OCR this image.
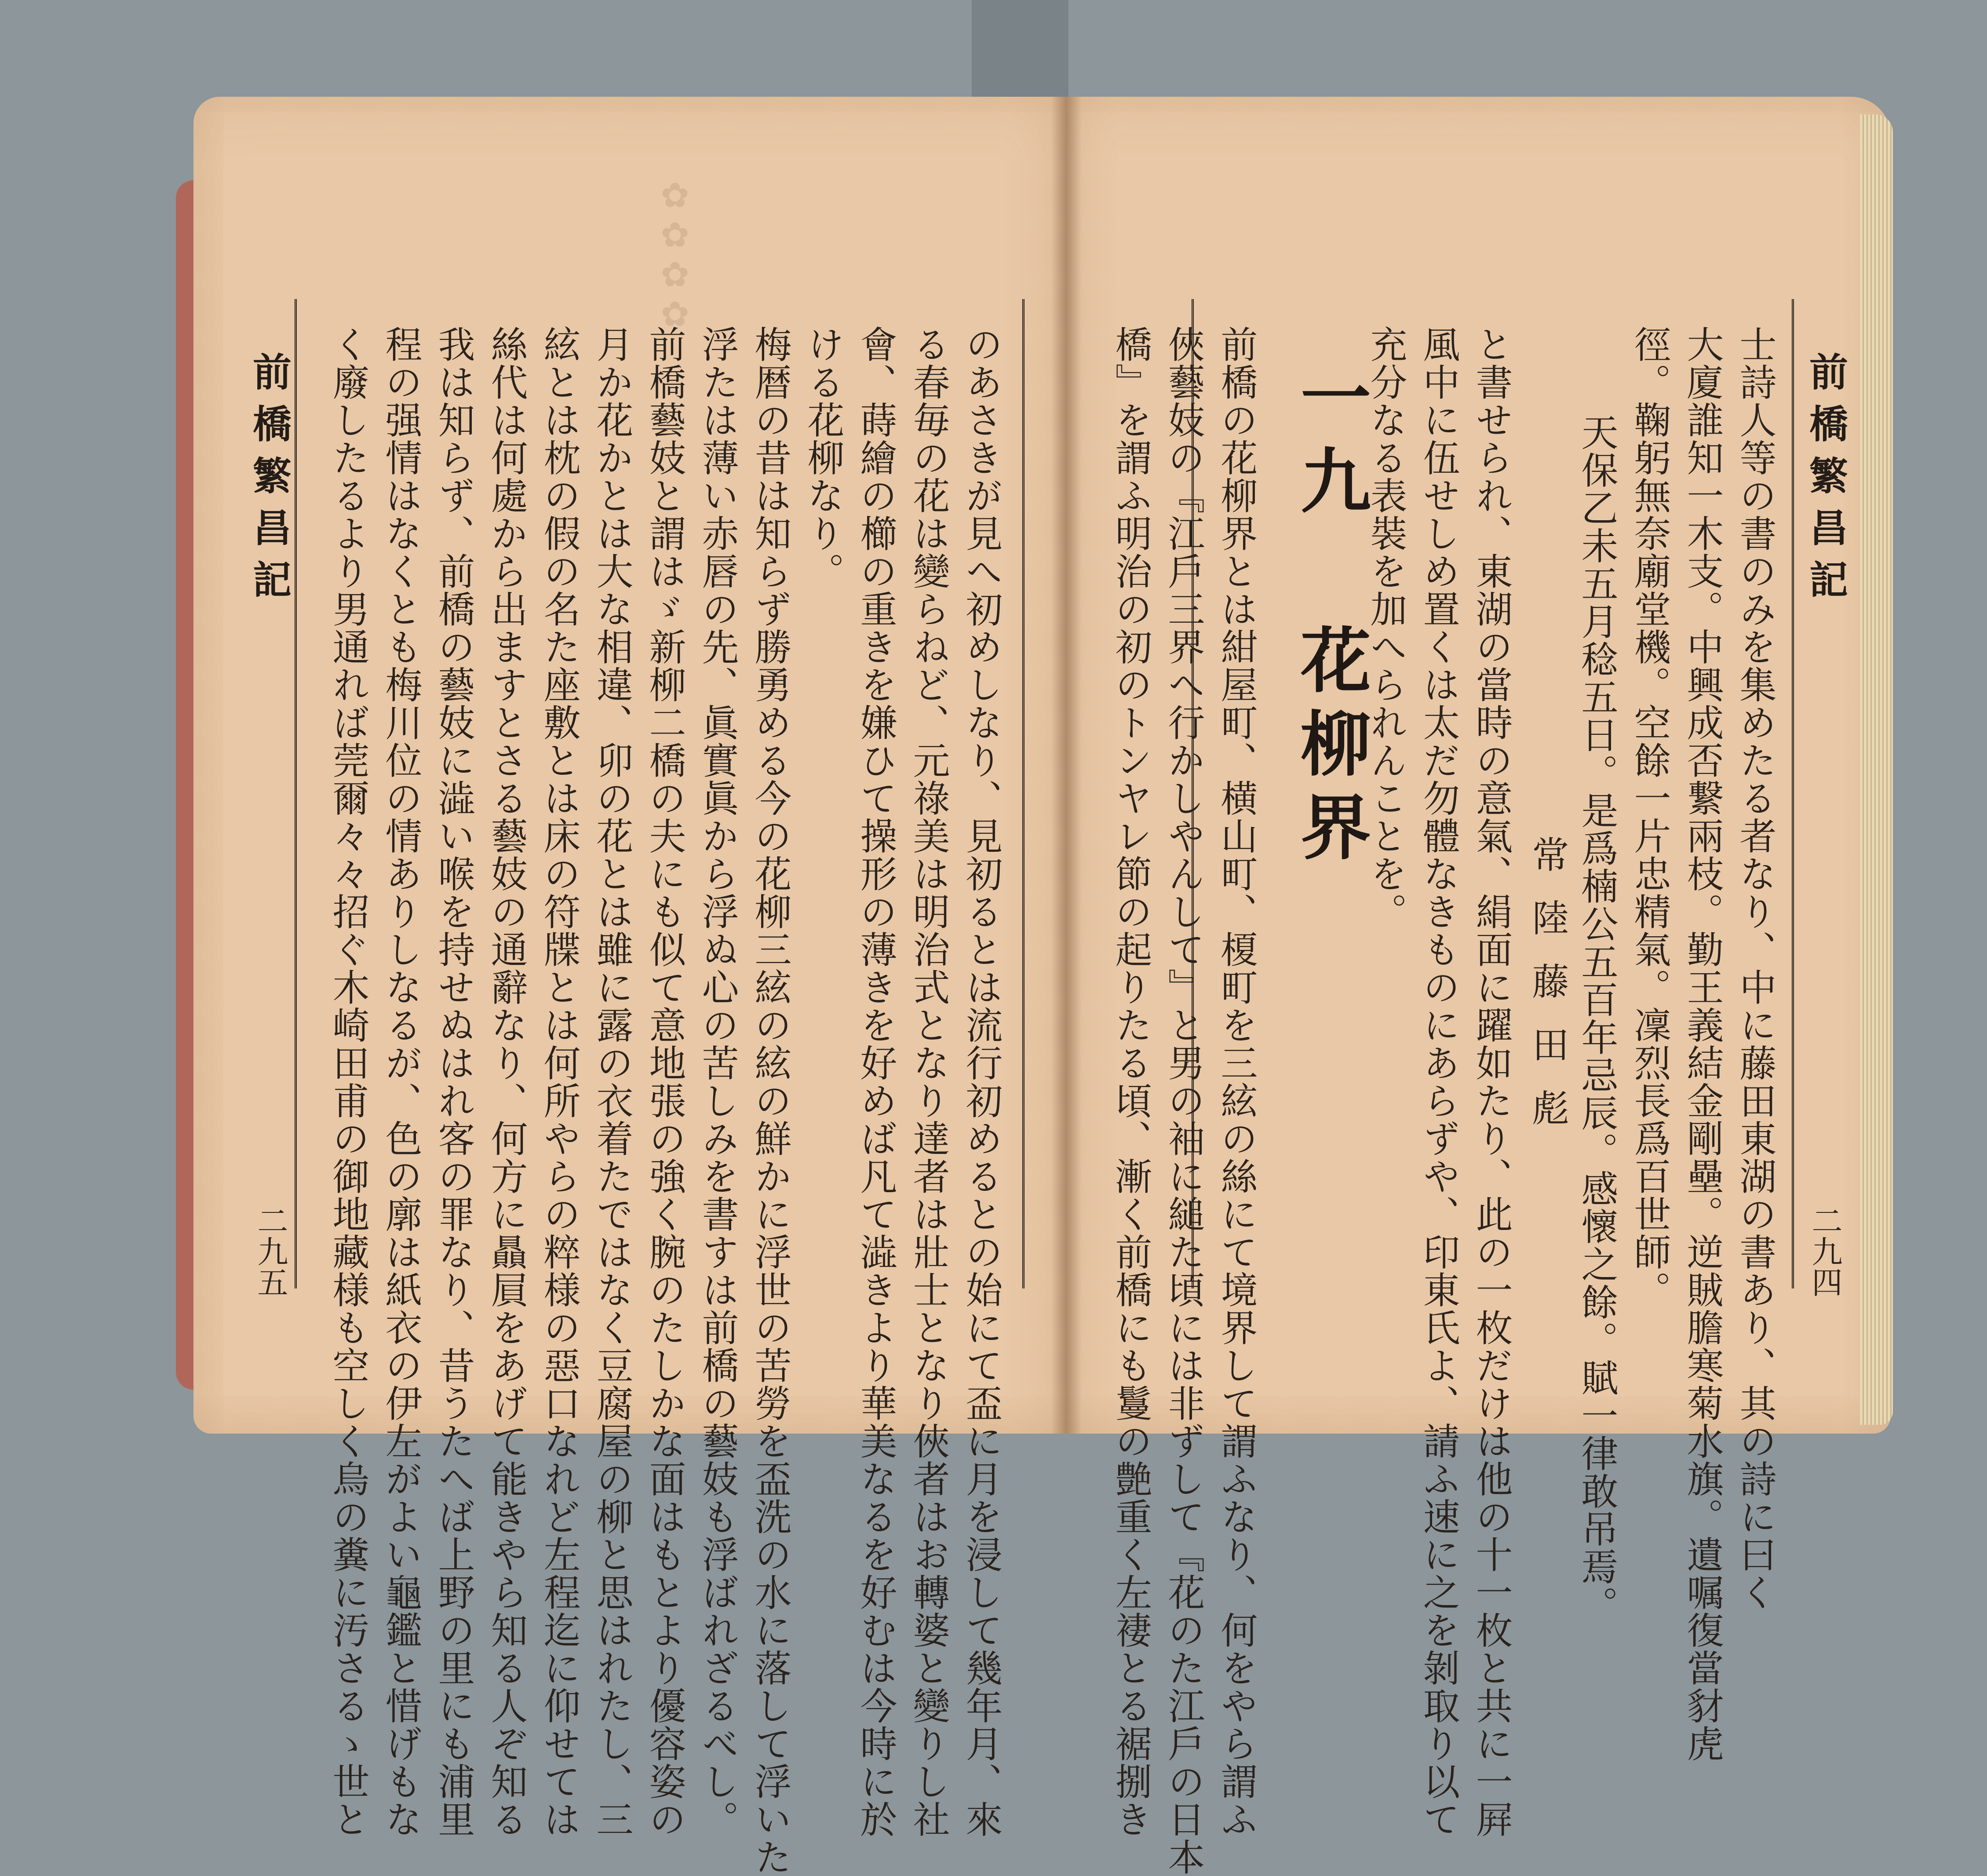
✿✿✿✿
前橋繁昌記
二九五	のあさきが見へ初めしなり、見初るとは流行初めるとの始にて盃に月を浸して幾年月、來
る春毎の花は變らねど、元祿美は明治式となり達者は壯士となり俠者はお轉婆と變りし社
會、蒔繪の櫛の重きを嫌ひて操形の薄きを好めば凡て澁きより華美なるを好むは今時に於
ける花柳なり。
梅暦の昔は知らず勝勇める今の花柳三絃の絃の鮮かに浮世の苦勞を盃洗の水に落して浮いた
浮たは薄い赤唇の先、眞實眞から浮ぬ心の苦しみを書すは前橋の藝妓も浮ばれざるべし。
前橋藝妓と謂はゞ新柳二橋の夫にも似て意地張の強く腕のたしかな面はもとより優容姿の
月か花かとは大な相違、卯の花とは雖に露の衣着たではなく豆腐屋の柳と思はれたし、三
絃とは枕の假の名た座敷とは床の符牒とは何所やらの粹様の惡口なれど左程迄に仰せては
絲代は何處から出ますとさる藝妓の通辭なり、何方に贔屓をあげて能きやら知る人ぞ知る
我は知らず、前橋の藝妓に澁い喉を持せぬはれ客の罪なり、昔うたへば上野の里にも浦里
程の强情はなくとも梅川位の情ありしなるが、色の廓は紙衣の伊左がよい龜鑑と惜げもな
く廢したるより男通れば莞爾々々招ぐ木崎田甫の御地藏様も空しく烏の糞に汚さるゝ世と	前橋繁昌記
二九四
士詩人等の書のみを集めたる者なり、中に藤田東湖の書あり、其の詩に曰く
大廈誰知一木支。中興成否繋兩枝。勤王義結金剛壘。逆賊膽寒菊水旗。遺嘱復當豺虎
徑。鞠躬無奈廟堂機。空餘一片忠精氣。凜烈長爲百世師。
天保乙未五月稔五日。是爲楠公五百年忌辰。感懷之餘。賦一律敢吊焉。
常陸藤田彪
と書せられ、東湖の當時の意氣、絹面に躍如たり、此の一枚だけは他の十一枚と共に一屛
風中に伍せしめ置くは太だ勿體なきものにあらずや、印東氏よ、請ふ速に之を剝取り以て
充分なる表裝を加へられんことを。
一九 花柳界
前橋の花柳界とは紺屋町、横山町、榎町を三絃の絲にて境界して謂ふなり、何をやら謂ふ
俠藝妓の『江戶三界へ行かしやんして』と男の袖に縋た頃には非ずして『花のた江戶の日本
橋』を謂ふ明治の初のトンヤレ節の起りたる頃、漸く前橋にも鬘の艶重く左褄とる裾捌き
